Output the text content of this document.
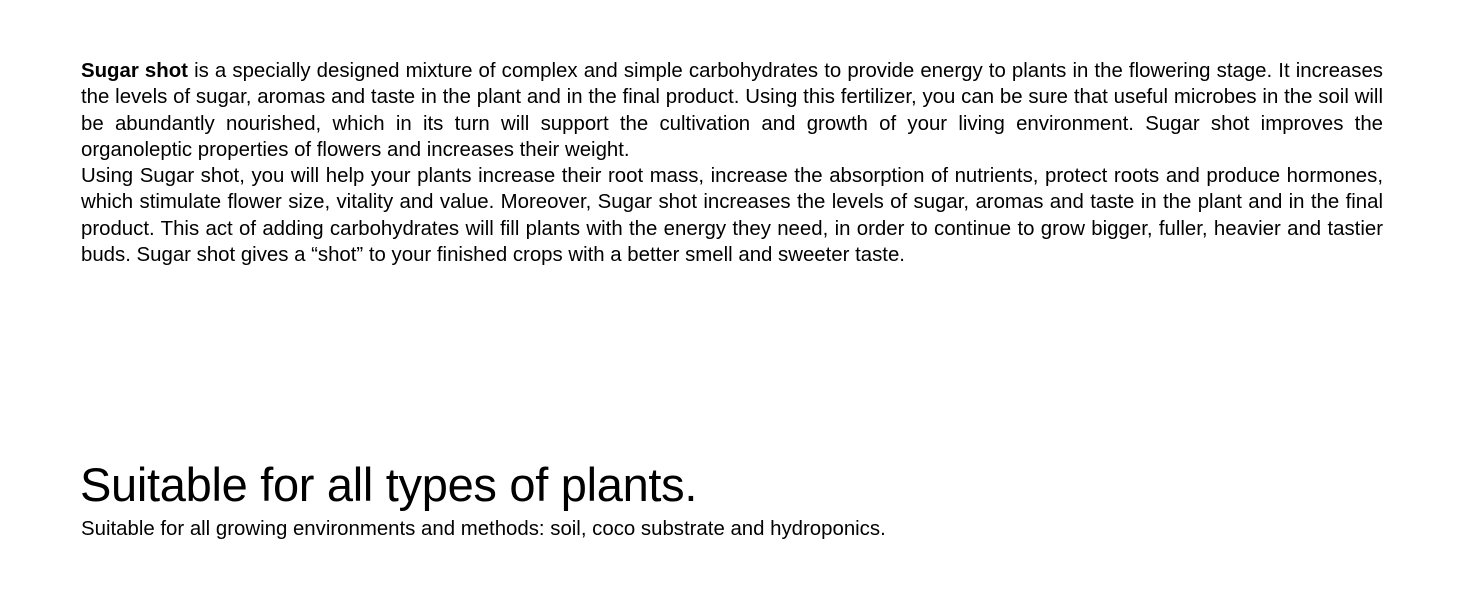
Sugar shot is a specially designed mixture of complex and simple carbohydrates to provide energy to plants in the flowering stage. It increases the levels of sugar, aromas and taste in the plant and in the final product. Using this fertilizer, you can be sure that useful microbes in the soil will be abundantly nourished, which in its turn will support the cultivation and growth of your living environment. Sugar shot improves the organoleptic properties of flowers and increases their weight.

Using Sugar shot, you will help your plants increase their root mass, increase the absorption of nutrients, protect roots and produce hormones, which stimulate flower size, vitality and value. Moreover, Sugar shot increases the levels of sugar, aromas and taste in the plant and in the final product. This act of adding carbohydrates will fill plants with the energy they need, in order to continue to grow bigger, fuller, heavier and tastier buds. Sugar shot gives a “shot” to your finished crops with a better smell and sweeter taste.

Suitable for all types of plants.

Suitable for all growing environments and methods: soil, coco substrate and hydroponics.
